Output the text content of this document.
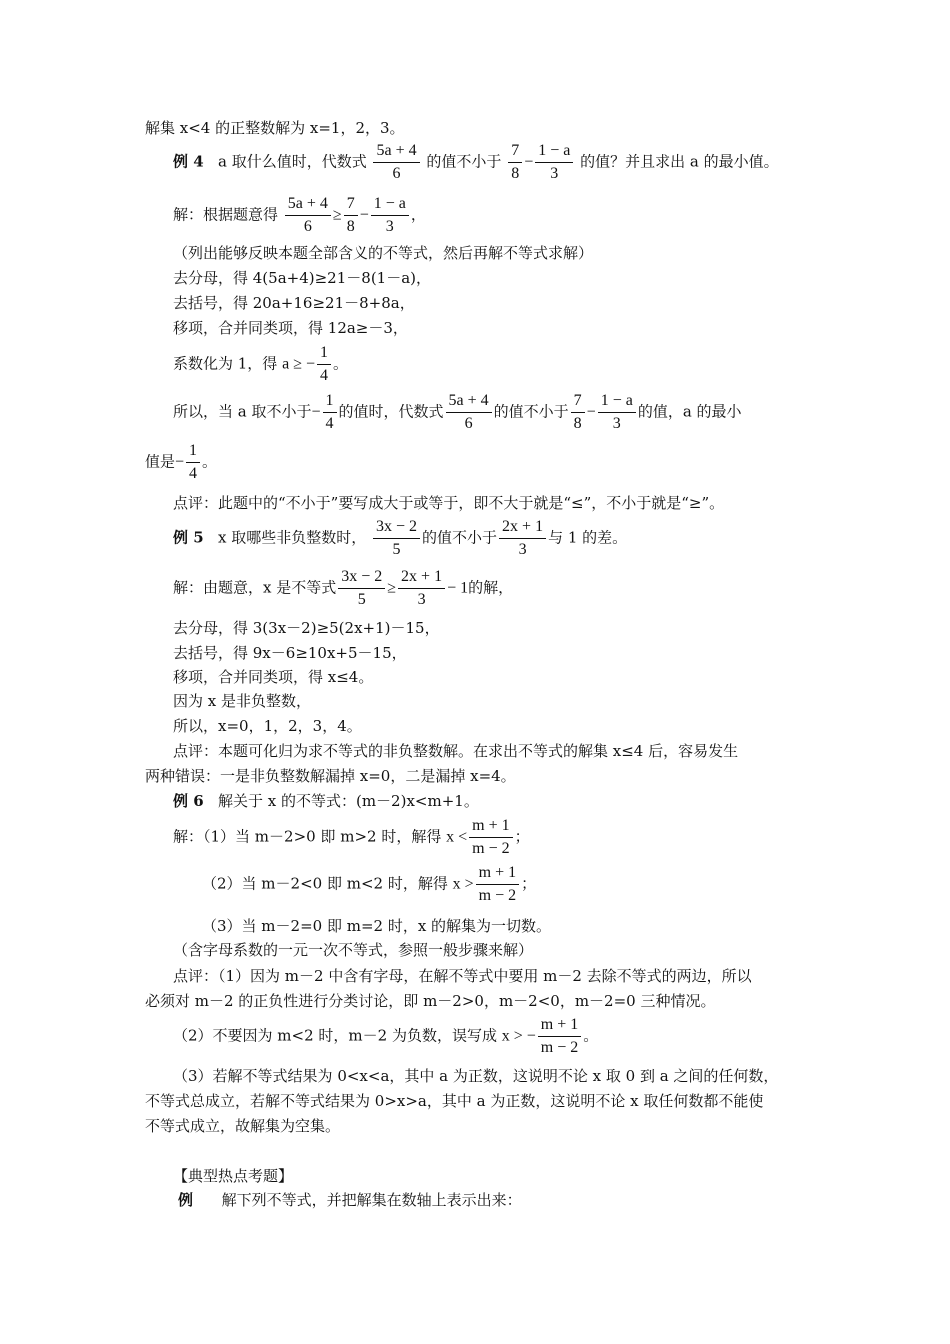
解集 x<4 的正整数解为 x=1，2，3。
例 4 a 取什么值时，代数式 $\frac{5a + 4}{6}$ 的值不小于 $\frac{7}{8} - \frac{1 - a}{3}$ 的值？并且求出 a 的最小值。
解：根据题意得 $\frac{5a + 4}{6} \ge \frac{7}{8} - \frac{1 - a}{3}$ ，
（列出能够反映本题全部含义的不等式，然后再解不等式求解）
去分母，得 4(5a+4)≥21－8(1－a)，
去括号，得 20a+16≥21－8+8a，
移项，合并同类项，得 12a≥－3，
系数化为 1，得 a ≥ − $\frac{1}{4}$ 。
所以，当 a 取不小于− $\frac{1}{4}$ 的值时，代数式 $\frac{5a + 4}{6}$ 的值不小于 $\frac{7}{8} - \frac{1 - a}{3}$ 的值，a 的最小
值是− $\frac{1}{4}$ 。
点评：此题中的“不小于”要写成大于或等于，即不大于就是“≤”，不小于就是“≥”。
例 5 x 取哪些非负整数时， $\frac{3x - 2}{5}$ 的值不小于 $\frac{2x + 1}{3}$ 与 1 的差。
解：由题意，x 是不等式 $\frac{3x - 2}{5} \ge \frac{2x + 1}{3} - 1$的解，
去分母，得 3(3x－2)≥5(2x+1)－15，
去括号，得 9x－6≥10x+5－15，
移项，合并同类项，得 x≤4。
因为 x 是非负整数，
所以，x=0，1，2，3，4。
点评：本题可化归为求不等式的非负整数解。在求出不等式的解集 x≤4 后，容易发生
两种错误：一是非负整数解漏掉 x=0，二是漏掉 x=4。
例 6 解关于 x 的不等式：(m－2)x<m+1。
解：（1）当 m－2>0 即 m>2 时，解得 $x < \frac{m + 1}{m - 2}$ ；
（2）当 m－2<0 即 m<2 时，解得 $x > \frac{m + 1}{m - 2}$ ；
（3）当 m－2=0 即 m=2 时，x 的解集为一切数。
（含字母系数的一元一次不等式，参照一般步骤来解）
点评：（1）因为 m－2 中含有字母，在解不等式中要用 m－2 去除不等式的两边，所以
必须对 m－2 的正负性进行分类讨论，即 m－2>0，m－2<0，m－2=0 三种情况。
（2）不要因为 m<2 时，m－2 为负数，误写成 x > − $\frac{m + 1}{m - 2}$ 。
（3）若解不等式结果为 0<x<a，其中 a 为正数，这说明不论 x 取 0 到 a 之间的任何数，
不等式总成立，若解不等式结果为 0>x>a，其中 a 为正数，这说明不论 x 取任何数都不能使
不等式成立，故解集为空集。
【典型热点考题】
例 解下列不等式，并把解集在数轴上表示出来：
